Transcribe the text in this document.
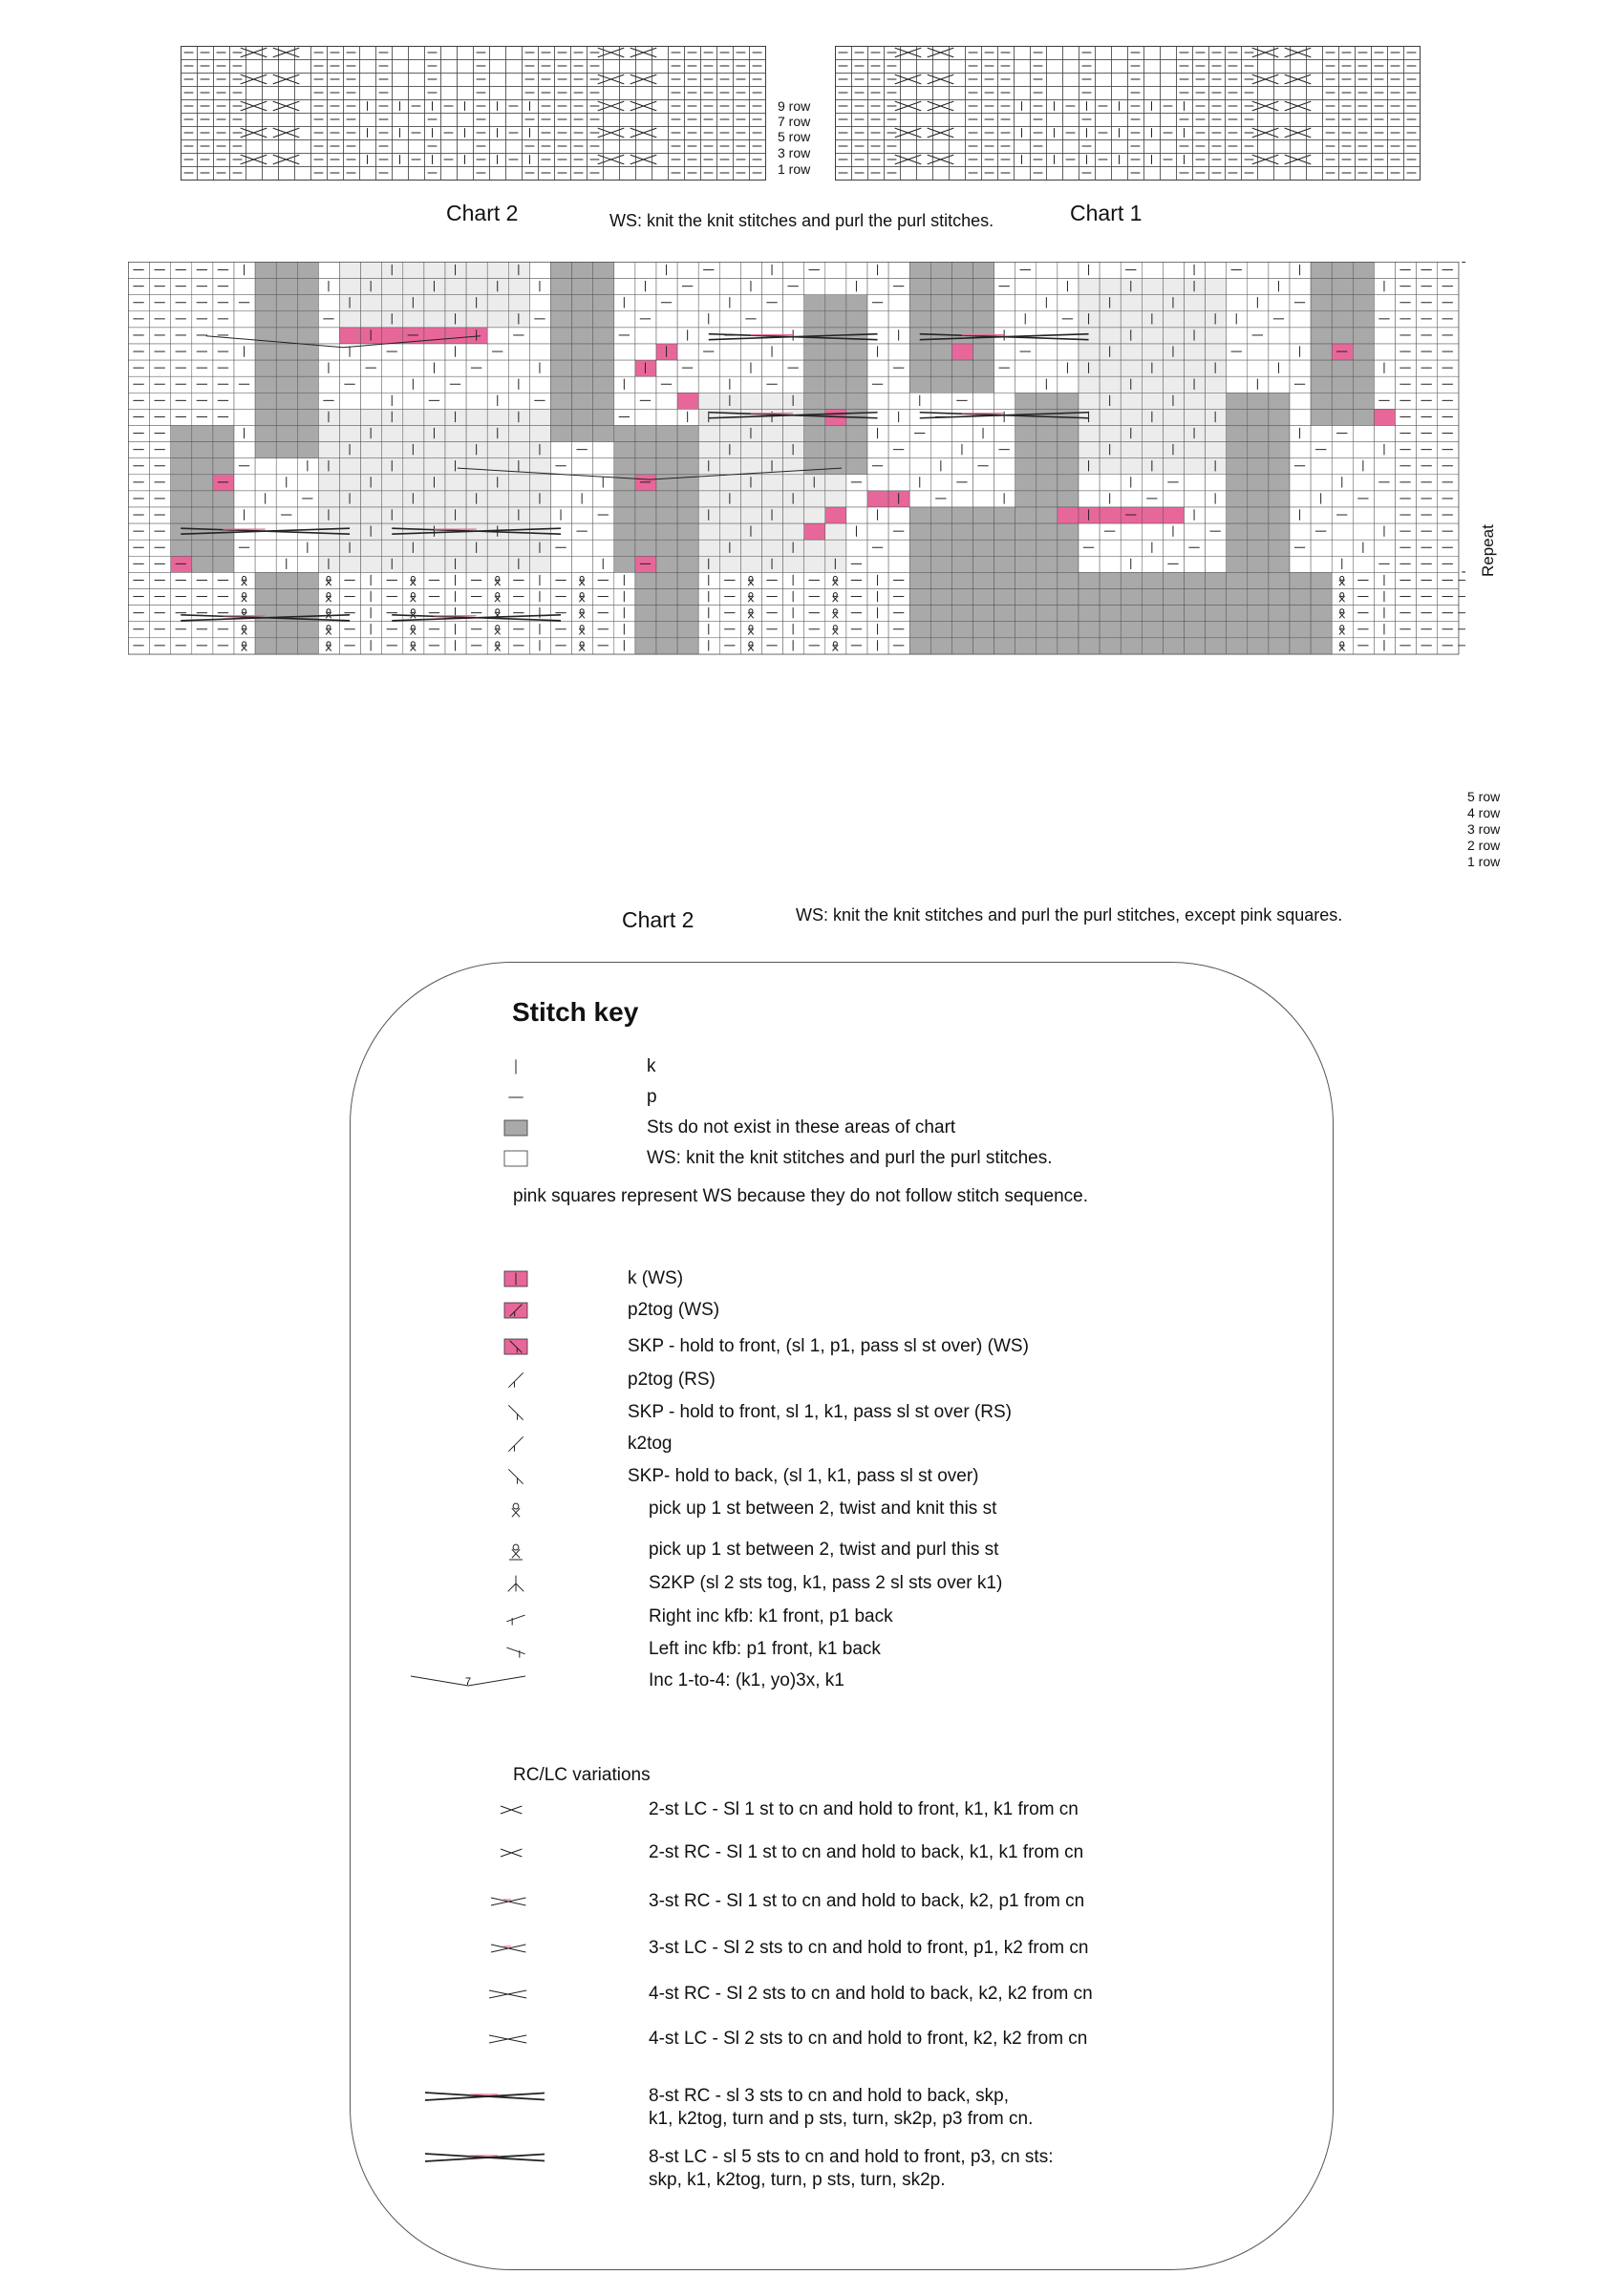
9 row
7 row
5 row
3 row
1 row
Chart 2	WS: knit the knit stitches and purl the purl stitches.	Chart 1
Repeat
5 row
4 row
3 row
2 row
1 row
Chart 2	WS: knit the knit stitches and purl the purl stitches, except pink squares.
Stitch key
k
p
Sts do not exist in these areas of chart
WS: knit the knit stitches and purl the purl stitches.
pink squares represent WS because they do not follow stitch sequence.
k (WS)
p2tog (WS)
SKP - hold to front, (sl 1, p1, pass sl st over) (WS)
p2tog (RS)
SKP - hold to front, sl 1, k1, pass sl st over (RS)
k2tog
SKP- hold to back, (sl 1, k1, pass sl st over)
pick up 1 st between 2, twist and knit this st
pick up 1 st between 2, twist and purl this st
S2KP (sl 2 sts tog, k1, pass 2 sl sts over k1)
Right inc kfb: k1 front, p1 back
Left inc kfb: p1 front, k1 back
7	Inc 1-to-4: (k1, yo)3x, k1
RC/LC variations
2-st LC - Sl 1 st to cn and hold to front, k1, k1 from cn
2-st RC - Sl 1 st to cn and hold to back, k1, k1 from cn
3-st RC - Sl 1 st to cn and hold to back, k2, p1 from cn
3-st LC - Sl 2 sts to cn and hold to front, p1, k2 from cn
4-st RC - Sl 2 sts to cn and hold to back, k2, k2 from cn
4-st LC - Sl 2 sts to cn and hold to front, k2, k2 from cn
8-st RC - sl 3 sts to cn and hold to back, skp,
k1, k2tog, turn and p sts, turn, sk2p, p3 from cn.
8-st LC - sl 5 sts to cn and hold to front, p3, cn sts:
skp, k1, k2tog, turn, p sts, turn, sk2p.
